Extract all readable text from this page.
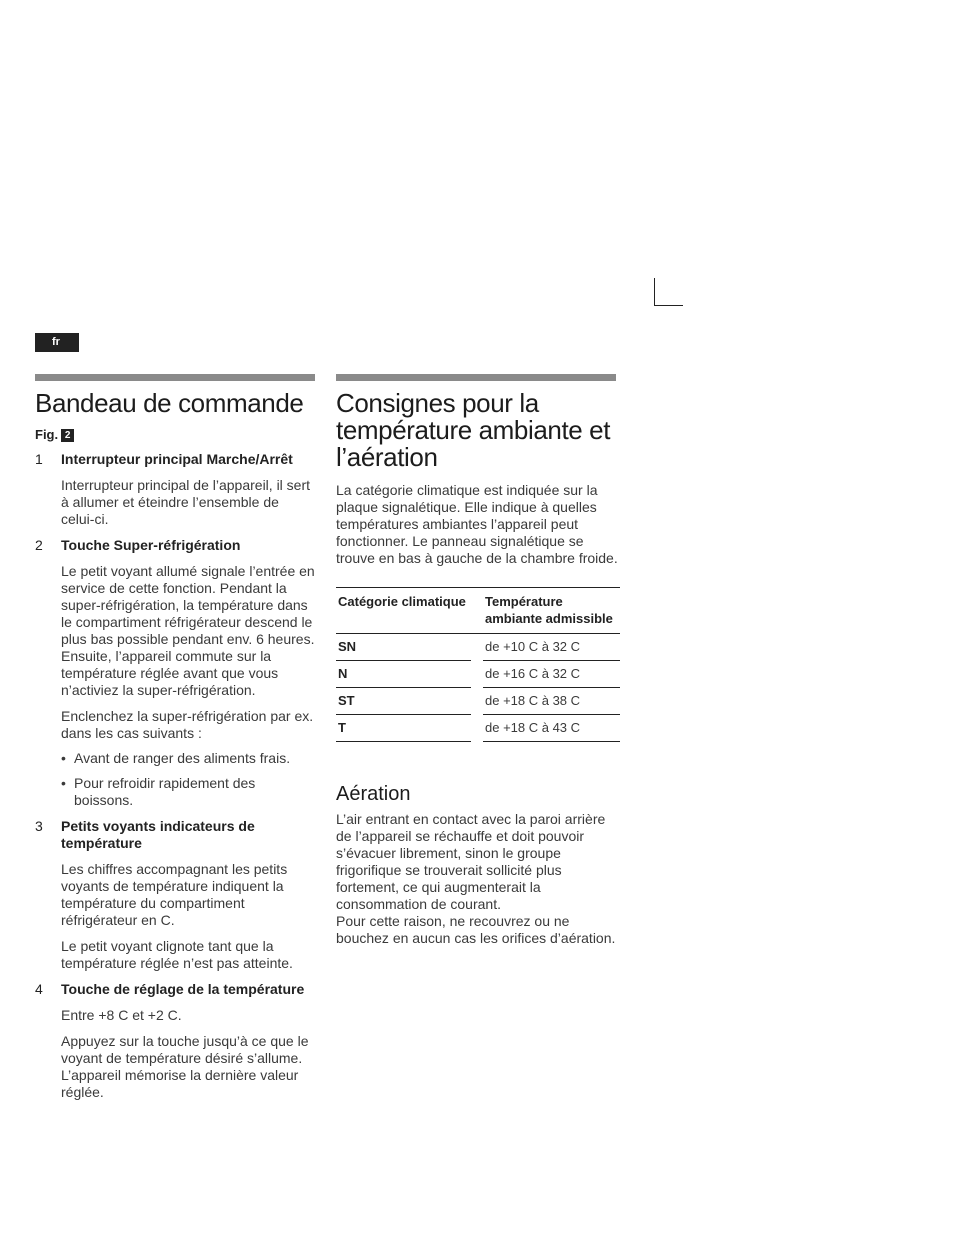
fr
Bandeau de commande
Fig. 2
1	Interrupteur principal Marche/Arrêt
Interrupteur principal de l’appareil, il sert à allumer et éteindre l’ensemble de celui-ci.
2	Touche Super-réfrigération
Le petit voyant allumé signale l’entrée en service de cette fonction. Pendant la super-réfrigération, la température dans le compartiment réfrigérateur descend le plus bas possible pendant env. 6 heures. Ensuite, l’appareil commute sur la température réglée avant que vous n’activiez la super-réfrigération.
Enclenchez la super-réfrigération par ex. dans les cas suivants :
• Avant de ranger des aliments frais.
• Pour refroidir rapidement des boissons.
3	Petits voyants indicateurs de température
Les chiffres accompagnant les petits voyants de température indiquent la température du compartiment réfrigérateur en C.
Le petit voyant clignote tant que la température réglée n’est pas atteinte.
4	Touche de réglage de la température
Entre +8 C et +2 C.
Appuyez sur la touche jusqu’à ce que le voyant de température désiré s’allume. L’appareil mémorise la dernière valeur réglée.
Consignes pour la température ambiante et l’aération
La catégorie climatique est indiquée sur la plaque signalétique. Elle indique à quelles températures ambiantes l’appareil peut fonctionner. Le panneau signalétique se trouve en bas à gauche de la chambre froide.
Catégorie climatique		Température ambiante admissible
SN		de +10 C à 32 C
N		de +16 C à 32 C
ST		de +18 C à 38 C
T		de +18 C à 43 C
Aération
L’air entrant en contact avec la paroi arrière de l’appareil se réchauffe et doit pouvoir s’évacuer librement, sinon le groupe frigorifique se trouverait sollicité plus fortement, ce qui augmenterait la consommation de courant.
Pour cette raison, ne recouvrez ou ne bouchez en aucun cas les orifices d’aération.
